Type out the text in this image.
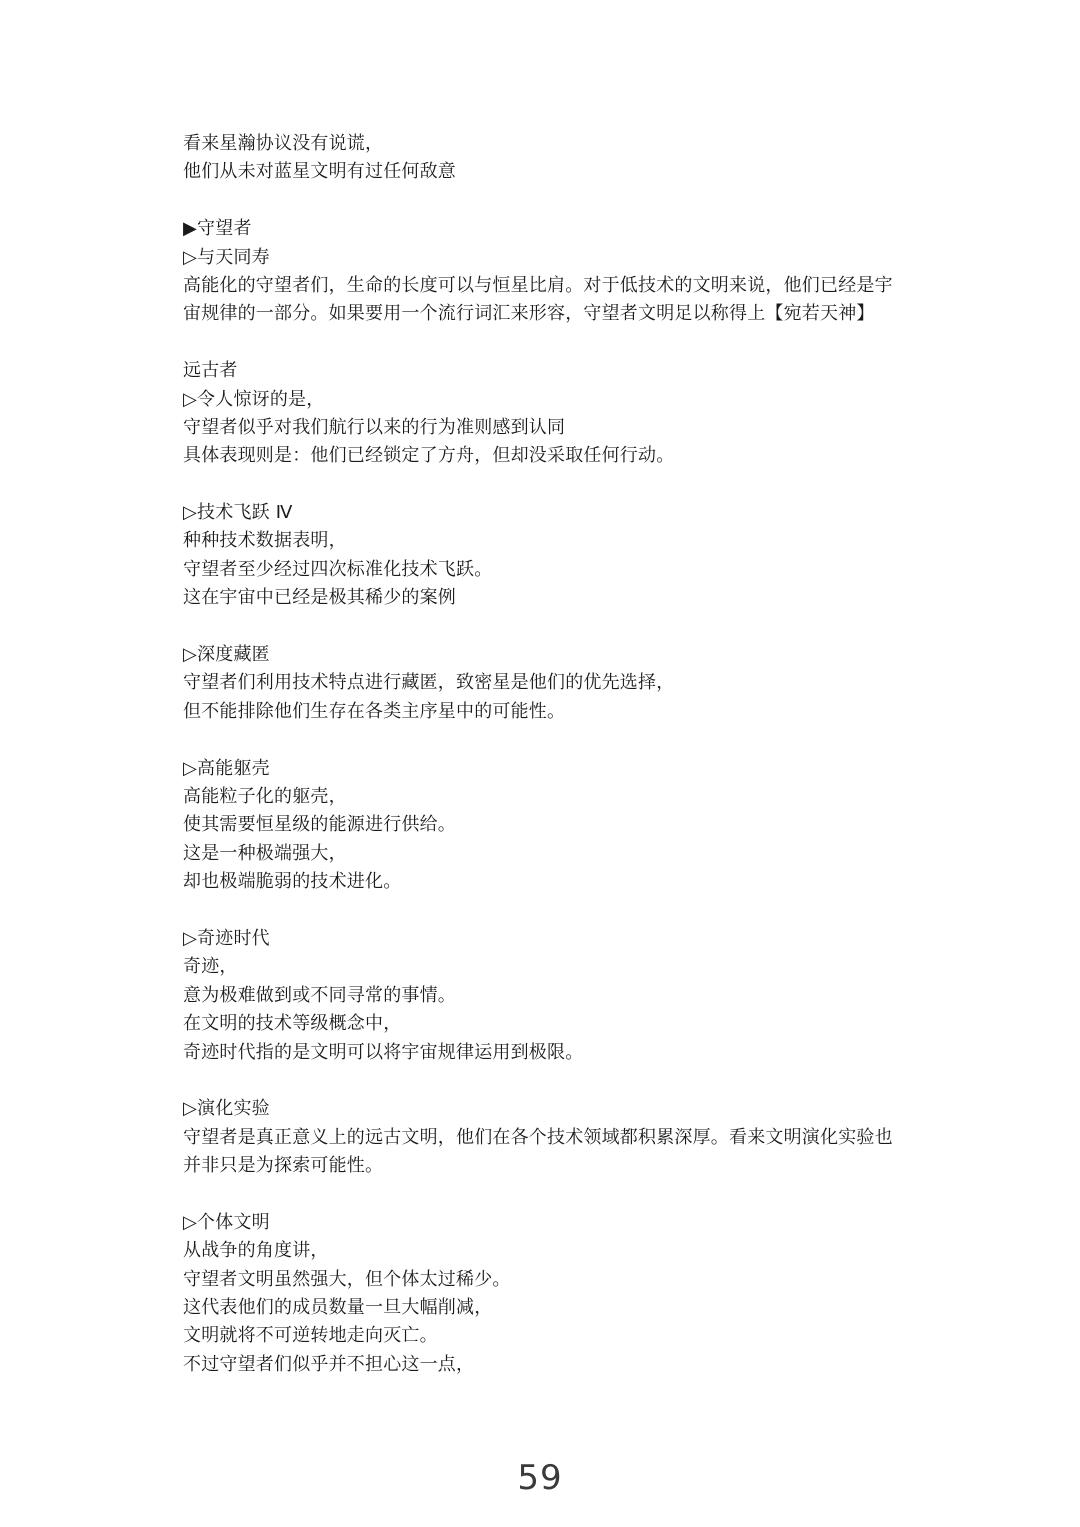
看来星瀚协议没有说谎，
他们从未对蓝星文明有过任何敌意
▶守望者
▷与天同寿
高能化的守望者们，生命的长度可以与恒星比肩。对于低技术的文明来说，他们已经是宇
宙规律的一部分。如果要用一个流行词汇来形容，守望者文明足以称得上【宛若天神】
远古者
▷令人惊讶的是，
守望者似乎对我们航行以来的行为准则感到认同
具体表现则是：他们已经锁定了方舟，但却没采取任何行动。
▷技术飞跃 Ⅳ
种种技术数据表明，
守望者至少经过四次标准化技术飞跃。
这在宇宙中已经是极其稀少的案例
▷深度藏匿
守望者们利用技术特点进行藏匿，致密星是他们的优先选择，
但不能排除他们生存在各类主序星中的可能性。
▷高能躯壳
高能粒子化的躯壳，
使其需要恒星级的能源进行供给。
这是一种极端强大，
却也极端脆弱的技术进化。
▷奇迹时代
奇迹，
意为极难做到或不同寻常的事情。
在文明的技术等级概念中，
奇迹时代指的是文明可以将宇宙规律运用到极限。
▷演化实验
守望者是真正意义上的远古文明，他们在各个技术领域都积累深厚。看来文明演化实验也
并非只是为探索可能性。
▷个体文明
从战争的角度讲，
守望者文明虽然强大，但个体太过稀少。
这代表他们的成员数量一旦大幅削减，
文明就将不可逆转地走向灭亡。
不过守望者们似乎并不担心这一点，
59
